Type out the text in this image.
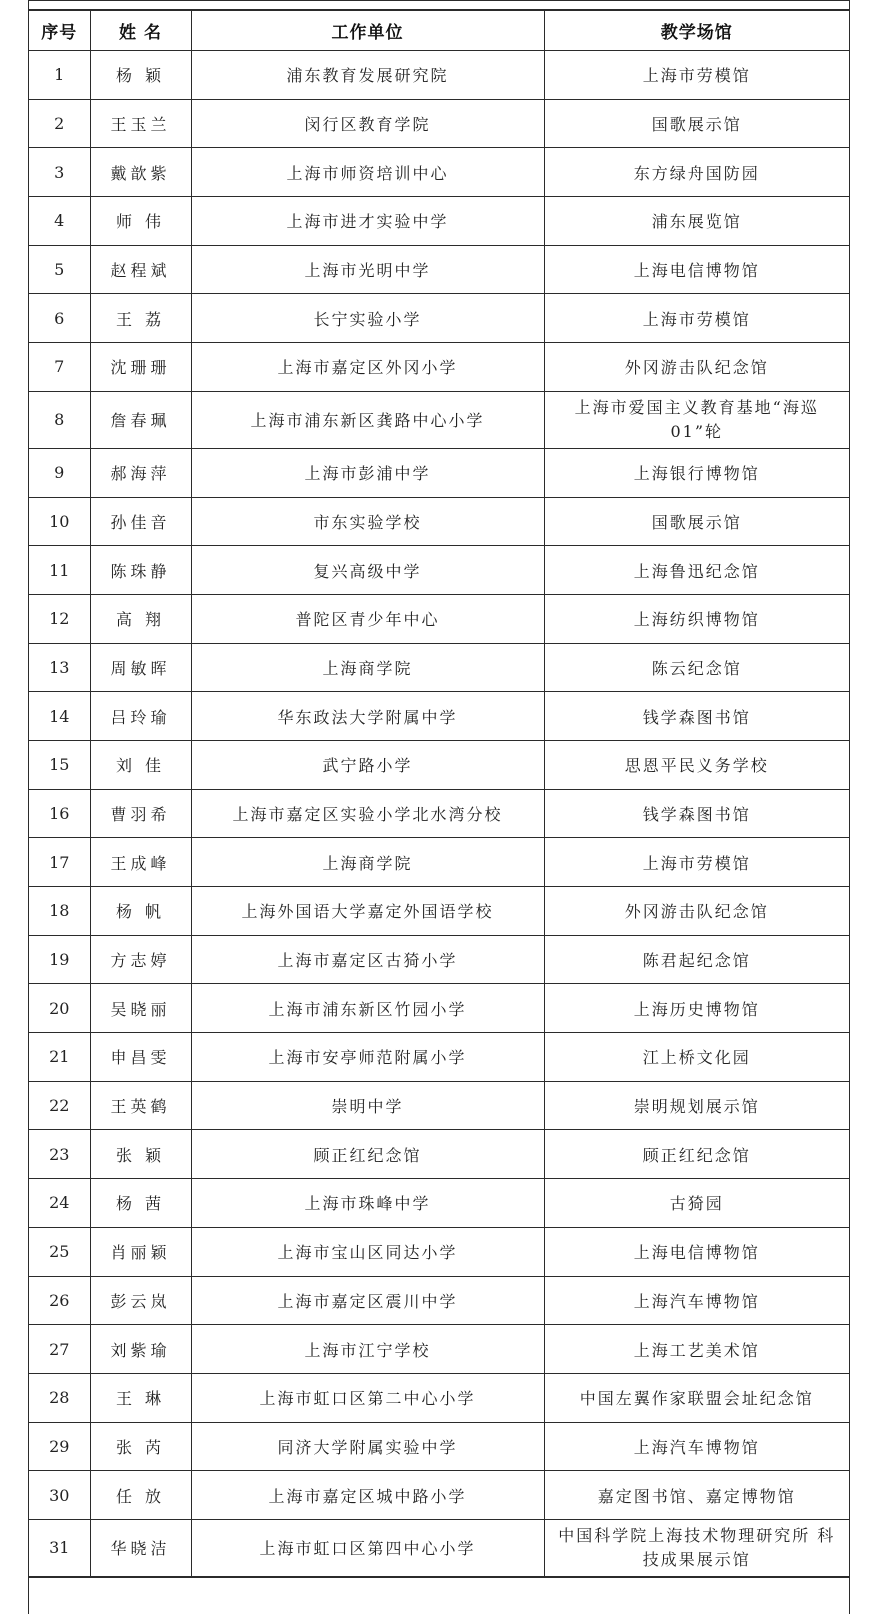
序号	姓 名	工作单位	教学场馆
1	杨 颖	浦东教育发展研究院	上海市劳模馆
2	王玉兰	闵行区教育学院	国歌展示馆
3	戴歆紫	上海市师资培训中心	东方绿舟国防园
4	师 伟	上海市进才实验中学	浦东展览馆
5	赵程斌	上海市光明中学	上海电信博物馆
6	王 荔	长宁实验小学	上海市劳模馆
7	沈珊珊	上海市嘉定区外冈小学	外冈游击队纪念馆
8	詹春珮	上海市浦东新区龚路中心小学	上海市爱国主义教育基地“海巡01”轮
9	郝海萍	上海市彭浦中学	上海银行博物馆
10	孙佳音	市东实验学校	国歌展示馆
11	陈珠静	复兴高级中学	上海鲁迅纪念馆
12	高 翔	普陀区青少年中心	上海纺织博物馆
13	周敏晖	上海商学院	陈云纪念馆
14	吕玲瑜	华东政法大学附属中学	钱学森图书馆
15	刘 佳	武宁路小学	思恩平民义务学校
16	曹羽希	上海市嘉定区实验小学北水湾分校	钱学森图书馆
17	王成峰	上海商学院	上海市劳模馆
18	杨 帆	上海外国语大学嘉定外国语学校	外冈游击队纪念馆
19	方志婷	上海市嘉定区古猗小学	陈君起纪念馆
20	吴晓丽	上海市浦东新区竹园小学	上海历史博物馆
21	申昌雯	上海市安亭师范附属小学	江上桥文化园
22	王英鹤	崇明中学	崇明规划展示馆
23	张 颖	顾正红纪念馆	顾正红纪念馆
24	杨 茜	上海市珠峰中学	古猗园
25	肖丽颖	上海市宝山区同达小学	上海电信博物馆
26	彭云岚	上海市嘉定区震川中学	上海汽车博物馆
27	刘紫瑜	上海市江宁学校	上海工艺美术馆
28	王 琳	上海市虹口区第二中心小学	中国左翼作家联盟会址纪念馆
29	张 芮	同济大学附属实验中学	上海汽车博物馆
30	任 放	上海市嘉定区城中路小学	嘉定图书馆、嘉定博物馆
31	华晓洁	上海市虹口区第四中心小学	中国科学院上海技术物理研究所 科技成果展示馆
